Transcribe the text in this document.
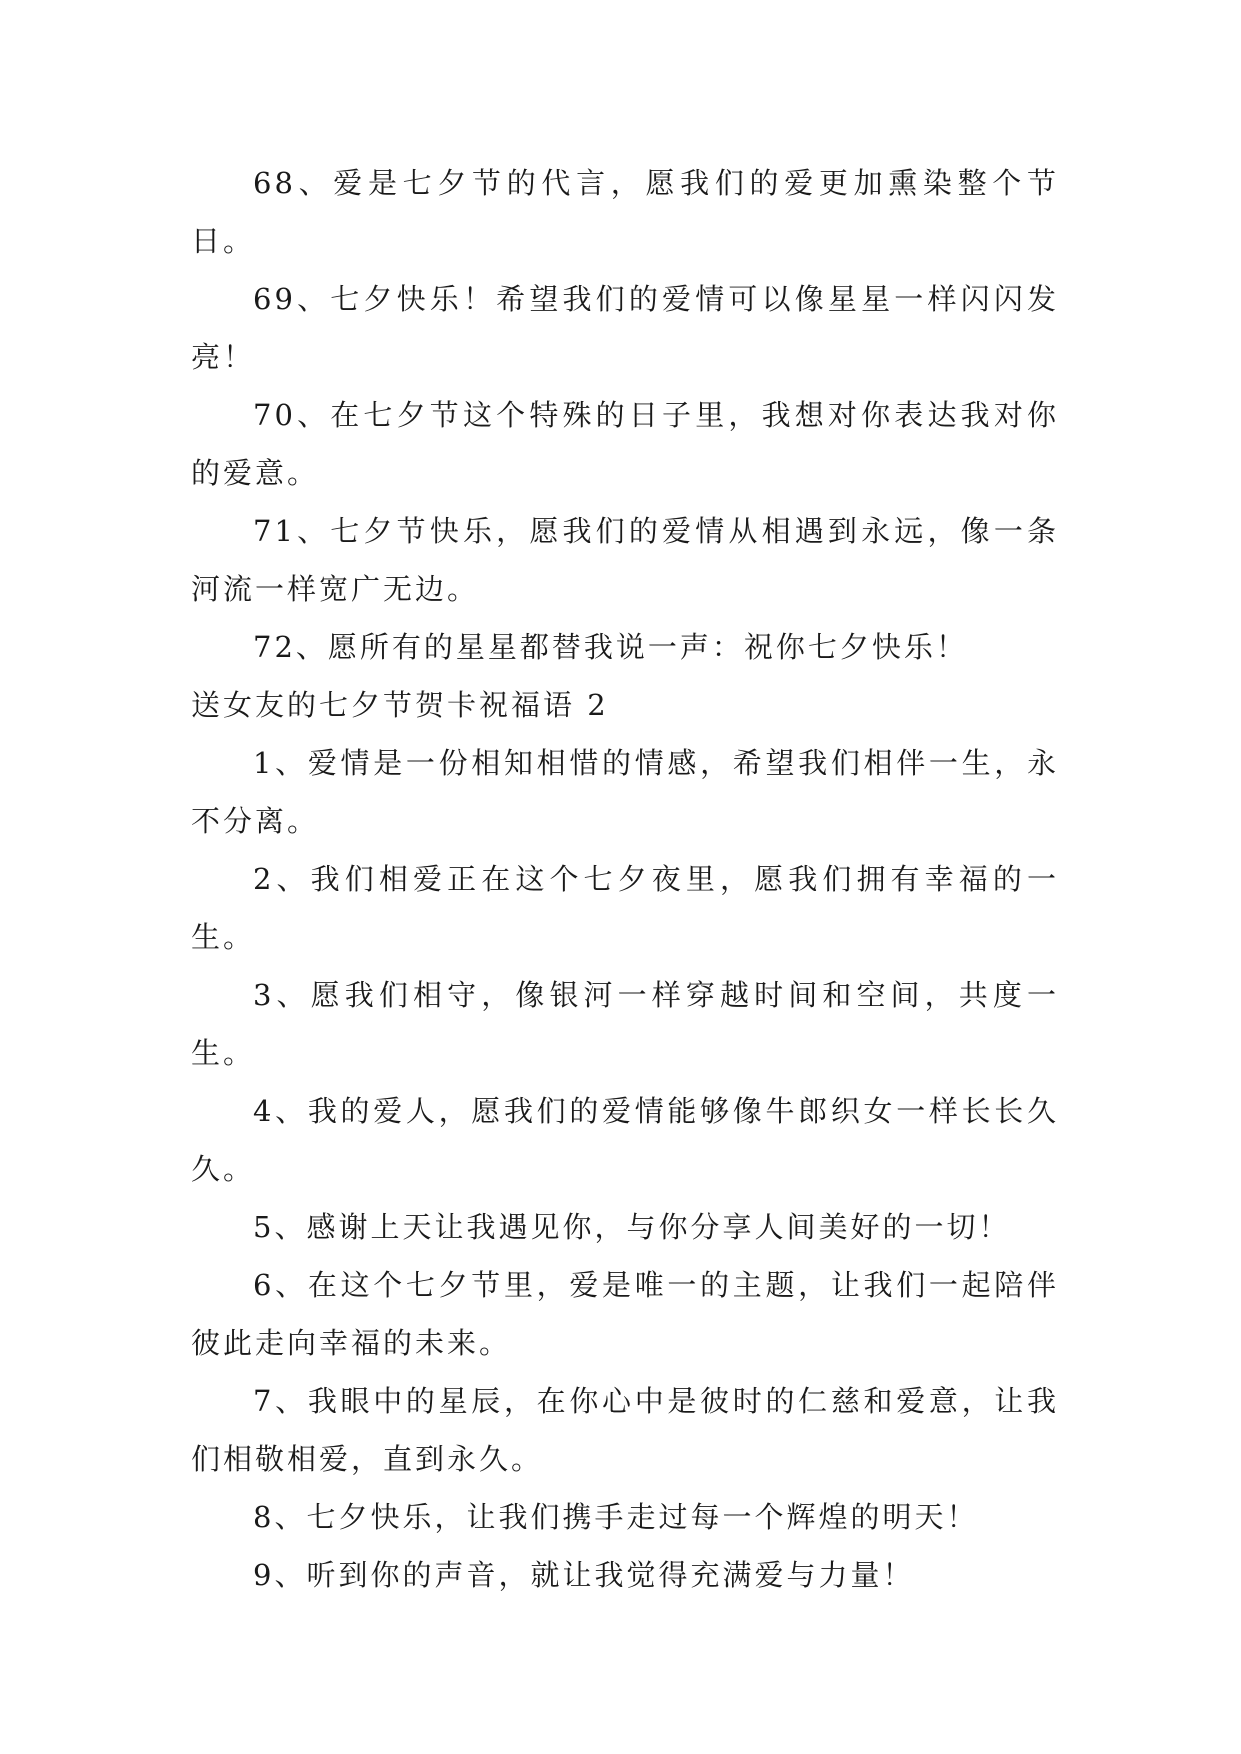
68、爱是七夕节的代言，愿我们的爱更加熏染整个节日。

69、七夕快乐！希望我们的爱情可以像星星一样闪闪发亮！

70、在七夕节这个特殊的日子里，我想对你表达我对你的爱意。

71、七夕节快乐，愿我们的爱情从相遇到永远，像一条河流一样宽广无边。

72、愿所有的星星都替我说一声：祝你七夕快乐！

送女友的七夕节贺卡祝福语 2

1、爱情是一份相知相惜的情感，希望我们相伴一生，永不分离。

2、我们相爱正在这个七夕夜里，愿我们拥有幸福的一生。

3、愿我们相守，像银河一样穿越时间和空间，共度一生。

4、我的爱人，愿我们的爱情能够像牛郎织女一样长长久久。

5、感谢上天让我遇见你，与你分享人间美好的一切！

6、在这个七夕节里，爱是唯一的主题，让我们一起陪伴彼此走向幸福的未来。

7、我眼中的星辰，在你心中是彼时的仁慈和爱意，让我们相敬相爱，直到永久。

8、七夕快乐，让我们携手走过每一个辉煌的明天！

9、听到你的声音，就让我觉得充满爱与力量！
